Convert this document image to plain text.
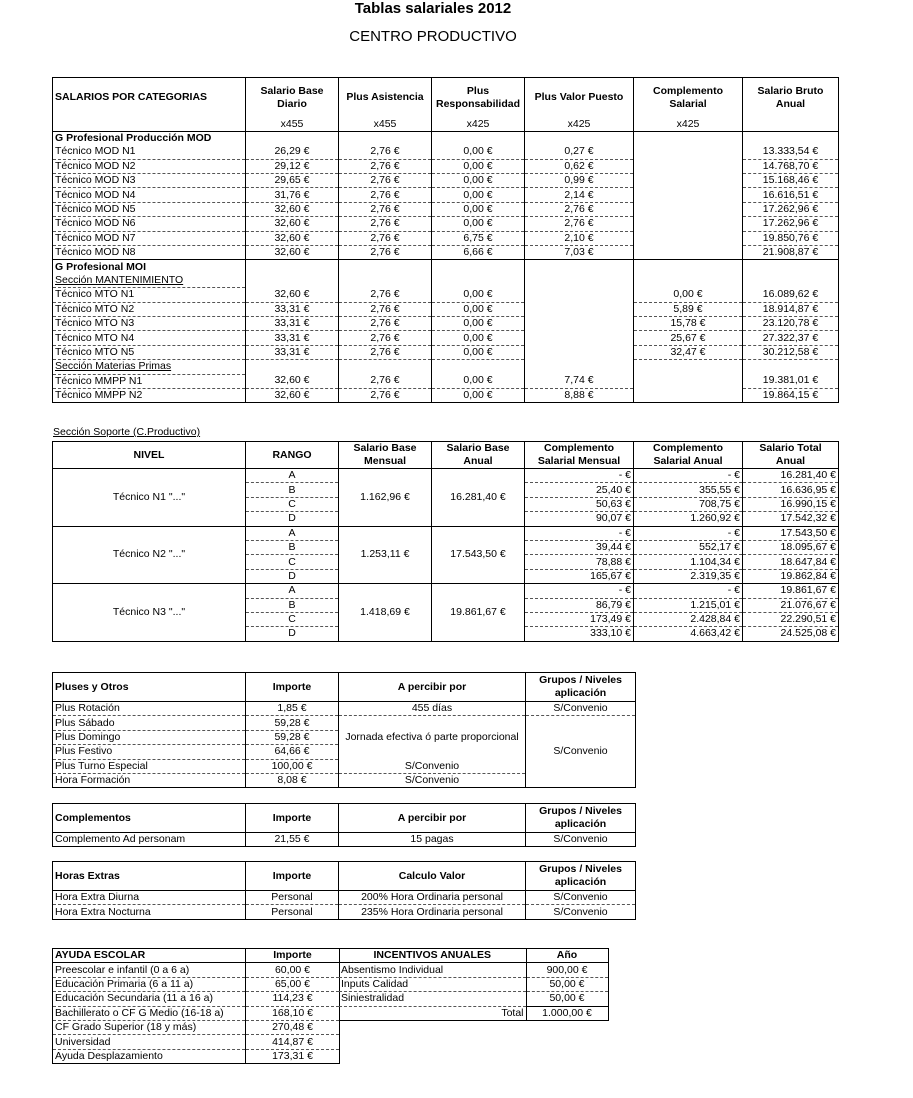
Tablas salariales 2012
CENTRO PRODUCTIVO
SALARIOS POR CATEGORIAS	Salario Base Diario	Plus Asistencia	Plus Responsabilidad	Plus Valor Puesto	Complemento Salarial	Salario Bruto Anual
	x455	x455	x425	x425	x425	
G Profesional Producción MOD						
Técnico MOD N1	26,29 €	2,76 €	0,00 €	0,27 €		13.333,54 €
Técnico MOD N2	29,12 €	2,76 €	0,00 €	0,62 €		14.768,70 €
Técnico MOD N3	29,65 €	2,76 €	0,00 €	0,99 €		15.168,46 €
Técnico MOD N4	31,76 €	2,76 €	0,00 €	2,14 €		16.616,51 €
Técnico MOD N5	32,60 €	2,76 €	0,00 €	2,76 €		17.262,96 €
Técnico MOD N6	32,60 €	2,76 €	0,00 €	2,76 €		17.262,96 €
Técnico MOD N7	32,60 €	2,76 €	6,75 €	2,10 €		19.850,76 €
Técnico MOD N8	32,60 €	2,76 €	6,66 €	7,03 €		21.908,87 €
G Profesional MOI						
Sección MANTENIMIENTO						
Técnico MTO N1	32,60 €	2,76 €	0,00 €		0,00 €	16.089,62 €
Técnico MTO N2	33,31 €	2,76 €	0,00 €		5,89 €	18.914,87 €
Técnico MTO N3	33,31 €	2,76 €	0,00 €		15,78 €	23.120,78 €
Técnico MTO N4	33,31 €	2,76 €	0,00 €		25,67 €	27.322,37 €
Técnico MTO N5	33,31 €	2,76 €	0,00 €		32,47 €	30.212,58 €
Sección Materias Primas						
Técnico MMPP N1	32,60 €	2,76 €	0,00 €	7,74 €		19.381,01 €
Técnico MMPP N2	32,60 €	2,76 €	0,00 €	8,88 €		19.864,15 €
Sección Soporte (C.Productivo)
NIVEL	RANGO	Salario Base Mensual	Salario Base Anual	Complemento Salarial Mensual	Complemento Salarial Anual	Salario Total Anual
Técnico N1 "..."	A	1.162,96 €	16.281,40 €	- €	- €	16.281,40 €
	B			25,40 €	355,55 €	16.636,95 €
	C			50,63 €	708,75 €	16.990,15 €
	D			90,07 €	1.260,92 €	17.542,32 €
Técnico N2 "..."	A	1.253,11 €	17.543,50 €	- €	- €	17.543,50 €
	B			39,44 €	552,17 €	18.095,67 €
	C			78,88 €	1.104,34 €	18.647,84 €
	D			165,67 €	2.319,35 €	19.862,84 €
Técnico N3 "..."	A	1.418,69 €	19.861,67 €	- €	- €	19.861,67 €
	B			86,79 €	1.215,01 €	21.076,67 €
	C			173,49 €	2.428,84 €	22.290,51 €
	D			333,10 €	4.663,42 €	24.525,08 €
Pluses y Otros	Importe	A percibir por	Grupos / Niveles aplicación
Plus Rotación	1,85 €	455 días	S/Convenio
Plus Sábado	59,28 €	Jornada efectiva ó parte proporcional	S/Convenio
Plus Domingo	59,28 €		
Plus Festivo	64,66 €		
Plus Turno Especial	100,00 €	S/Convenio	
Hora Formación	8,08 €	S/Convenio	
Complementos	Importe	A percibir por	Grupos / Niveles aplicación
Complemento Ad personam	21,55 €	15 pagas	S/Convenio
Horas Extras	Importe	Calculo Valor	Grupos / Niveles aplicación
Hora Extra Diurna	Personal	200% Hora Ordinaria personal	S/Convenio
Hora Extra Nocturna	Personal	235% Hora Ordinaria personal	S/Convenio
AYUDA ESCOLAR	Importe
Preescolar e infantil (0 a 6 a)	60,00 €
Educación Primaria (6 a 11 a)	65,00 €
Educación Secundaria (11 a 16 a)	114,23 €
Bachillerato o CF G Medio (16-18 a)	168,10 €
CF Grado Superior (18 y más)	270,48 €
Universidad	414,87 €
Ayuda Desplazamiento	173,31 €
INCENTIVOS ANUALES	Año
Absentismo Individual	900,00 €
Inputs Calidad	50,00 €
Siniestralidad	50,00 €
Total	1.000,00 €
